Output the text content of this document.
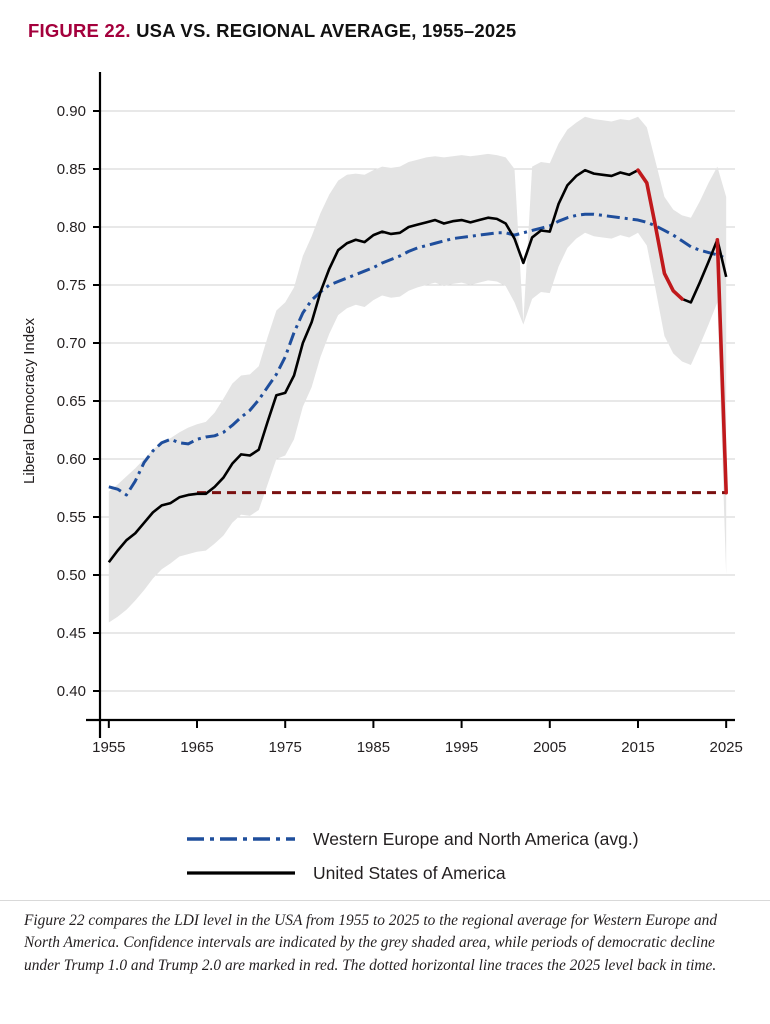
FIGURE 22. USA VS. REGIONAL AVERAGE, 1955–2025
0.40
0.45
0.50
0.55
0.60
0.65
0.70
0.75
0.80
0.85
0.90
1955	1965	1975	1985	1995	2005	2015	2025
Liberal Democracy Index
Western Europe and North America (avg.)
United States of America
Figure 22 compares the LDI level in the USA from 1955 to 2025 to the regional average for Western Europe and North America. Confidence intervals are indicated by the grey shaded area, while periods of democratic decline under Trump 1.0 and Trump 2.0 are marked in red. The dotted horizontal line traces the 2025 level back in time.
